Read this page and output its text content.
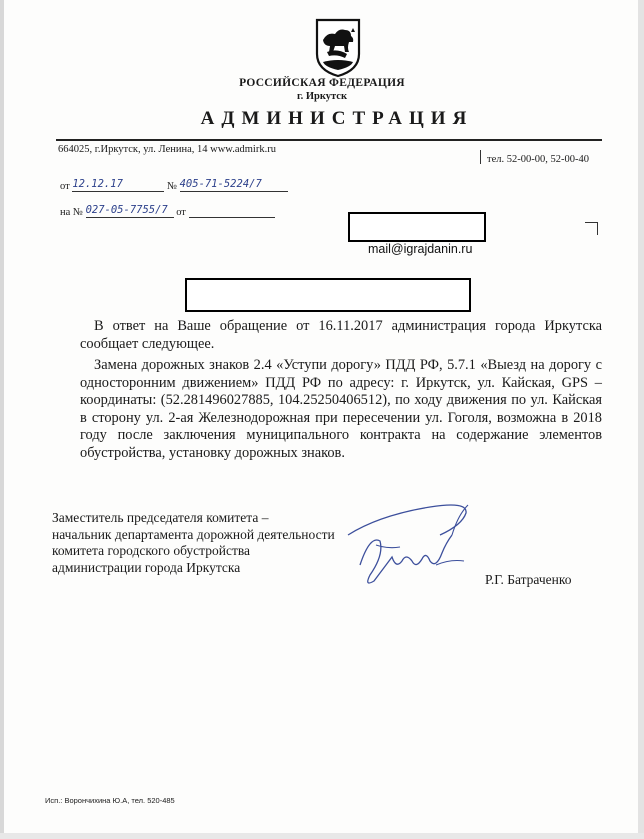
РОССИЙСКАЯ ФЕДЕРАЦИЯ
г. Иркутск
АДМИНИСТРАЦИЯ
664025, г.Иркутск, ул. Ленина, 14 www.admirk.ru
тел. 52-00-00, 52-00-40
от 12.12.17	№ 405-71-5224/7
на № 027-05-7755/7 от
mail@igrajdanin.ru

В ответ на Ваше обращение от 16.11.2017 администрация города Иркутска сообщает следующее.

Замена дорожных знаков 2.4 «Уступи дорогу» ПДД РФ, 5.7.1 «Выезд на дорогу с односторонним движением» ПДД РФ по адресу: г. Иркутск, ул. Кайская, GPS – координаты: (52.281496027885, 104.25250406512), по ходу движения по ул. Кайская в сторону ул. 2-ая Железнодорожная при пересечении ул. Гоголя, возможна в 2018 году после заключения муниципального контракта на содержание элементов обустройства, установку дорожных знаков.

Заместитель председателя комитета –
начальник департамента дорожной деятельности
комитета городского обустройства
администрации города Иркутска
Р.Г. Батраченко
Исп.: Ворончихина Ю.А, тел. 520-485
